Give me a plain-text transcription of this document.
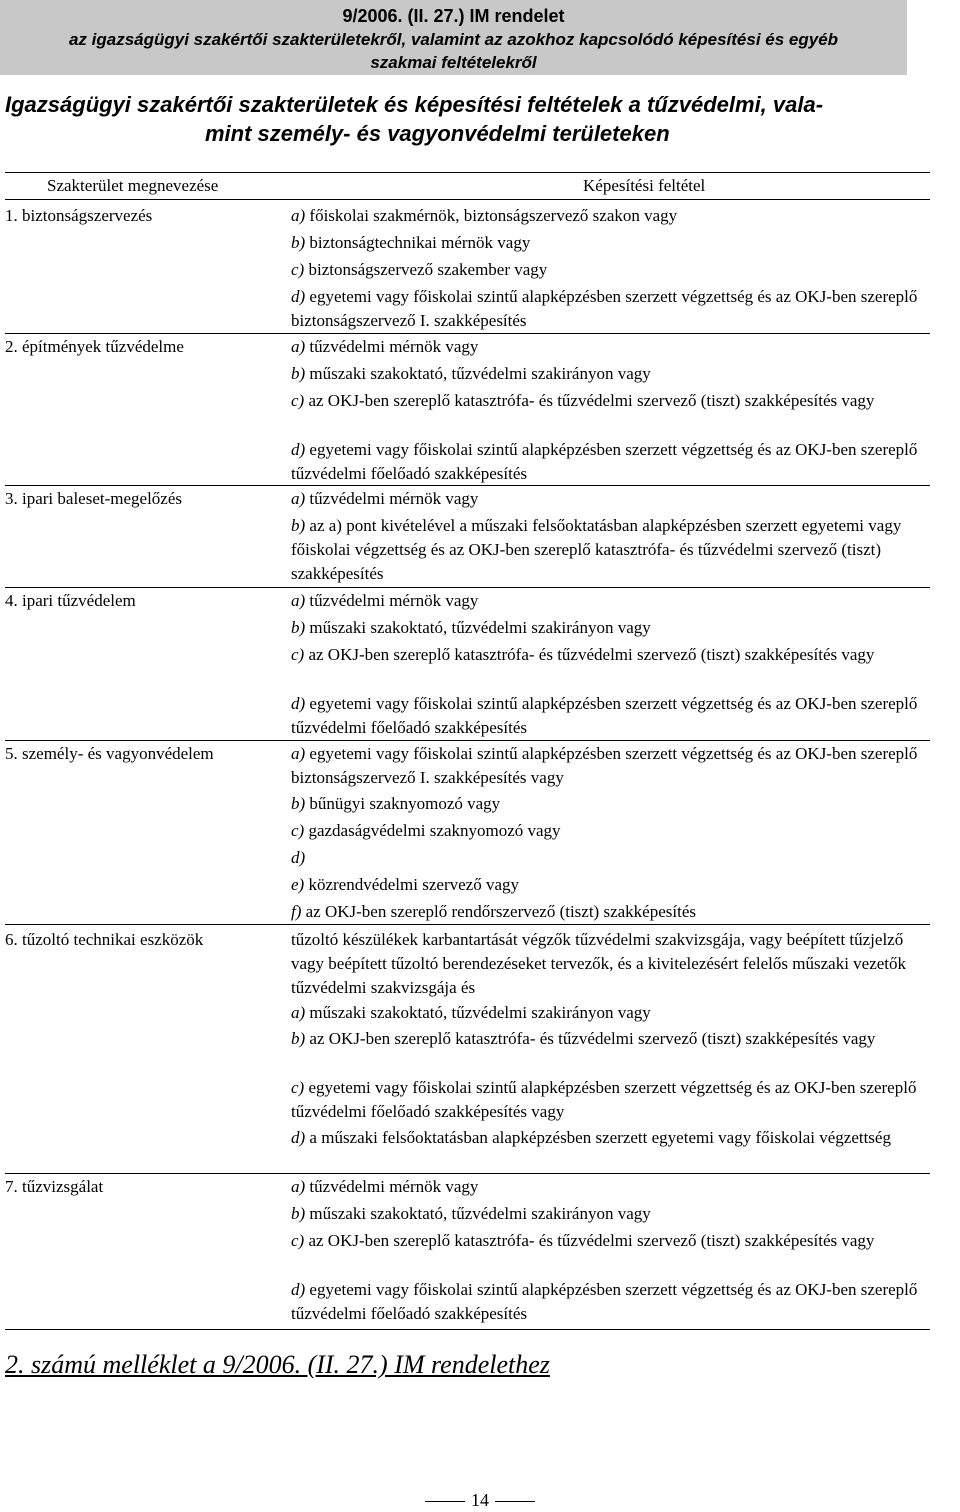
9/2006. (II. 27.) IM rendelet
az igazságügyi szakértői szakterületekről, valamint az azokhoz kapcsolódó képesítési és egyéb
szakmai feltételekről
Igazságügyi szakértői szakterületek és képesítési feltételek a tűzvédelmi, vala-
mint személy- és vagyonvédelmi területeken
Szakterület megnevezése	Képesítési feltétel
1. biztonságszervezés	a) főiskolai szakmérnök, biztonságszervező szakon vagy
b) biztonságtechnikai mérnök vagy
c) biztonságszervező szakember vagy
d) egyetemi vagy főiskolai szintű alapképzésben szerzett végzettség és az OKJ-ben szereplő biztonságszervező I. szakképesítés
2. építmények tűzvédelme	a) tűzvédelmi mérnök vagy
b) műszaki szakoktató, tűzvédelmi szakirányon vagy
c) az OKJ-ben szereplő katasztrófa- és tűzvédelmi szervező (tiszt) szakképesítés vagy
d) egyetemi vagy főiskolai szintű alapképzésben szerzett végzettség és az OKJ-ben szereplő tűzvédelmi főelőadó szakképesítés
3. ipari baleset-megelőzés	a) tűzvédelmi mérnök vagy
b) az a) pont kivételével a műszaki felsőoktatásban alapképzésben szerzett egyetemi vagy főiskolai végzettség és az OKJ-ben szereplő katasztrófa- és tűzvédelmi szervező (tiszt) szakképesítés
4. ipari tűzvédelem	a) tűzvédelmi mérnök vagy
b) műszaki szakoktató, tűzvédelmi szakirányon vagy
c) az OKJ-ben szereplő katasztrófa- és tűzvédelmi szervező (tiszt) szakképesítés vagy
d) egyetemi vagy főiskolai szintű alapképzésben szerzett végzettség és az OKJ-ben szereplő tűzvédelmi főelőadó szakképesítés
5. személy- és vagyonvédelem	a) egyetemi vagy főiskolai szintű alapképzésben szerzett végzettség és az OKJ-ben szereplő biztonságszervező I. szakképesítés vagy
b) bűnügyi szaknyomozó vagy
c) gazdaságvédelmi szaknyomozó vagy
d)
e) közrendvédelmi szervező vagy
f) az OKJ-ben szereplő rendőrszervező (tiszt) szakképesítés
6. tűzoltó technikai eszközök	tűzoltó készülékek karbantartását végzők tűzvédelmi szakvizsgája, vagy beépített tűzjelző vagy beépített tűzoltó berendezéseket tervezők, és a kivitelezésért felelős műszaki vezetők tűzvédelmi szakvizsgája és
a) műszaki szakoktató, tűzvédelmi szakirányon vagy
b) az OKJ-ben szereplő katasztrófa- és tűzvédelmi szervező (tiszt) szakképesítés vagy
c) egyetemi vagy főiskolai szintű alapképzésben szerzett végzettség és az OKJ-ben szereplő tűzvédelmi főelőadó szakképesítés vagy
d) a műszaki felsőoktatásban alapképzésben szerzett egyetemi vagy főiskolai végzettség
7. tűzvizsgálat	a) tűzvédelmi mérnök vagy
b) műszaki szakoktató, tűzvédelmi szakirányon vagy
c) az OKJ-ben szereplő katasztrófa- és tűzvédelmi szervező (tiszt) szakképesítés vagy
d) egyetemi vagy főiskolai szintű alapképzésben szerzett végzettség és az OKJ-ben szereplő tűzvédelmi főelőadó szakképesítés
2. számú melléklet a 9/2006. (II. 27.) IM rendelethez
14
